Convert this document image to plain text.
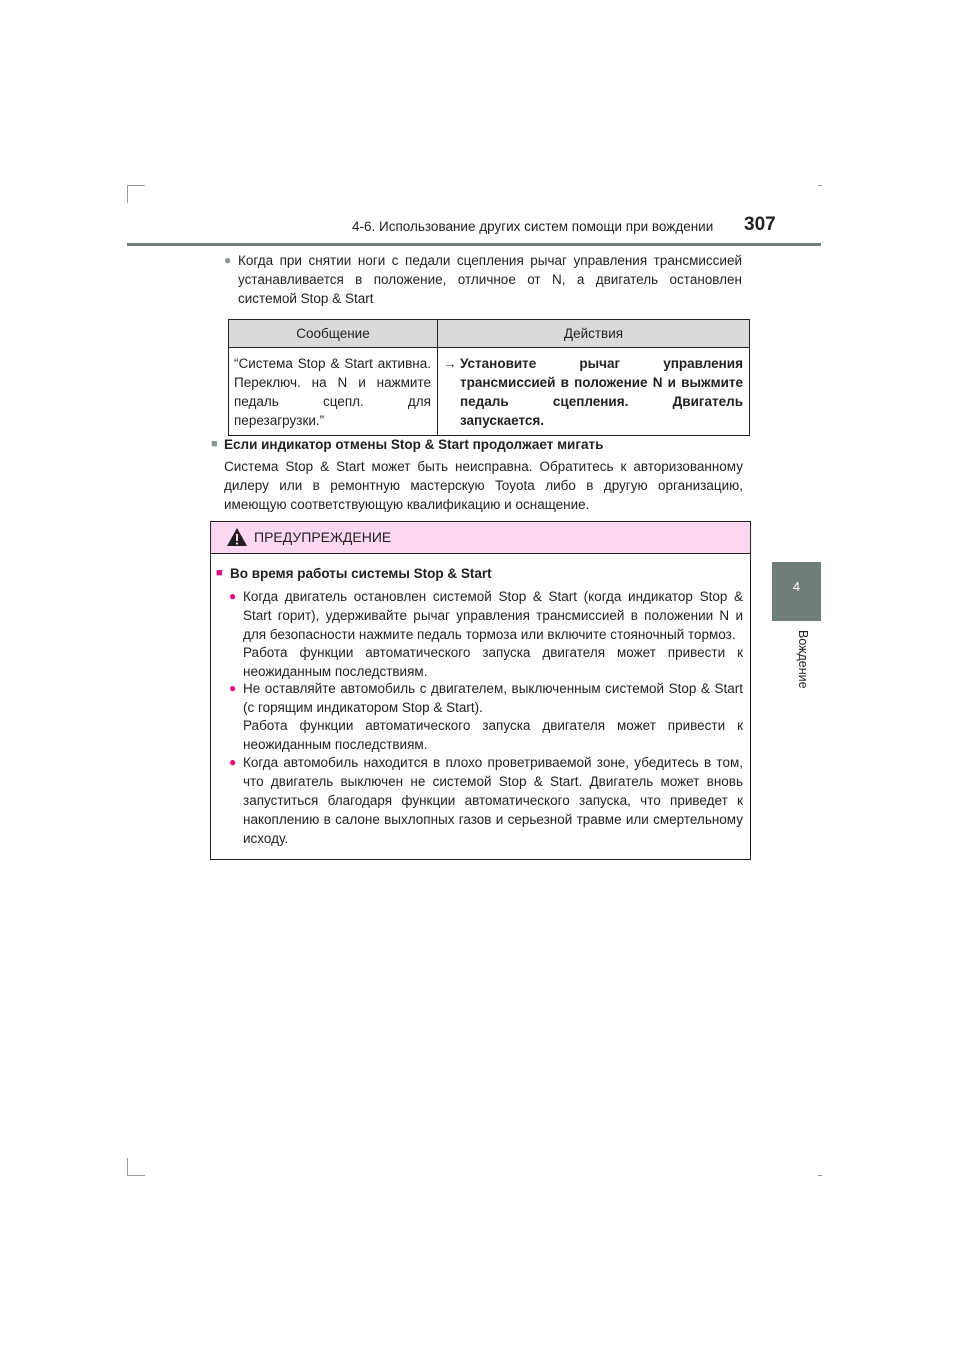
4-6. Использование других систем помощи при вождении 307
4
Вождение
● Когда при снятии ноги с педали сцепления рычаг управления трансмиссией устанавливается в положение, отличное от N, а двигатель остановлен системой Stop & Start
Сообщение	Действия

“Система Stop & Start активна. Переключ. на N и нажмите педаль сцепл. для перезагрузки.”	→ Установите рычаг управления трансмиссией в положение N и выжмите педаль сцепления. Двигатель запускается.
■ Если индикатор отмены Stop & Start продолжает мигать
Система Stop & Start может быть неисправна. Обратитесь к авторизованному дилеру или в ремонтную мастерскую Toyota либо в другую организацию, имеющую соответствующую квалификацию и оснащение.
ПРЕДУПРЕЖДЕНИЕ
■ Во время работы системы Stop & Start
● Когда двигатель остановлен системой Stop & Start (когда индикатор Stop & Start горит), удерживайте рычаг управления трансмиссией в положении N и для безопасности нажмите педаль тормоза или включите стояночный тормоз.
Работа функции автоматического запуска двигателя может привести к неожиданным последствиям.
● Не оставляйте автомобиль с двигателем, выключенным системой Stop & Start (с горящим индикатором Stop & Start).
Работа функции автоматического запуска двигателя может привести к неожиданным последствиям.
● Когда автомобиль находится в плохо проветриваемой зоне, убедитесь в том, что двигатель выключен не системой Stop & Start. Двигатель может вновь запуститься благодаря функции автоматического запуска, что приведет к накоплению в салоне выхлопных газов и серьезной травме или смертельному исходу.
